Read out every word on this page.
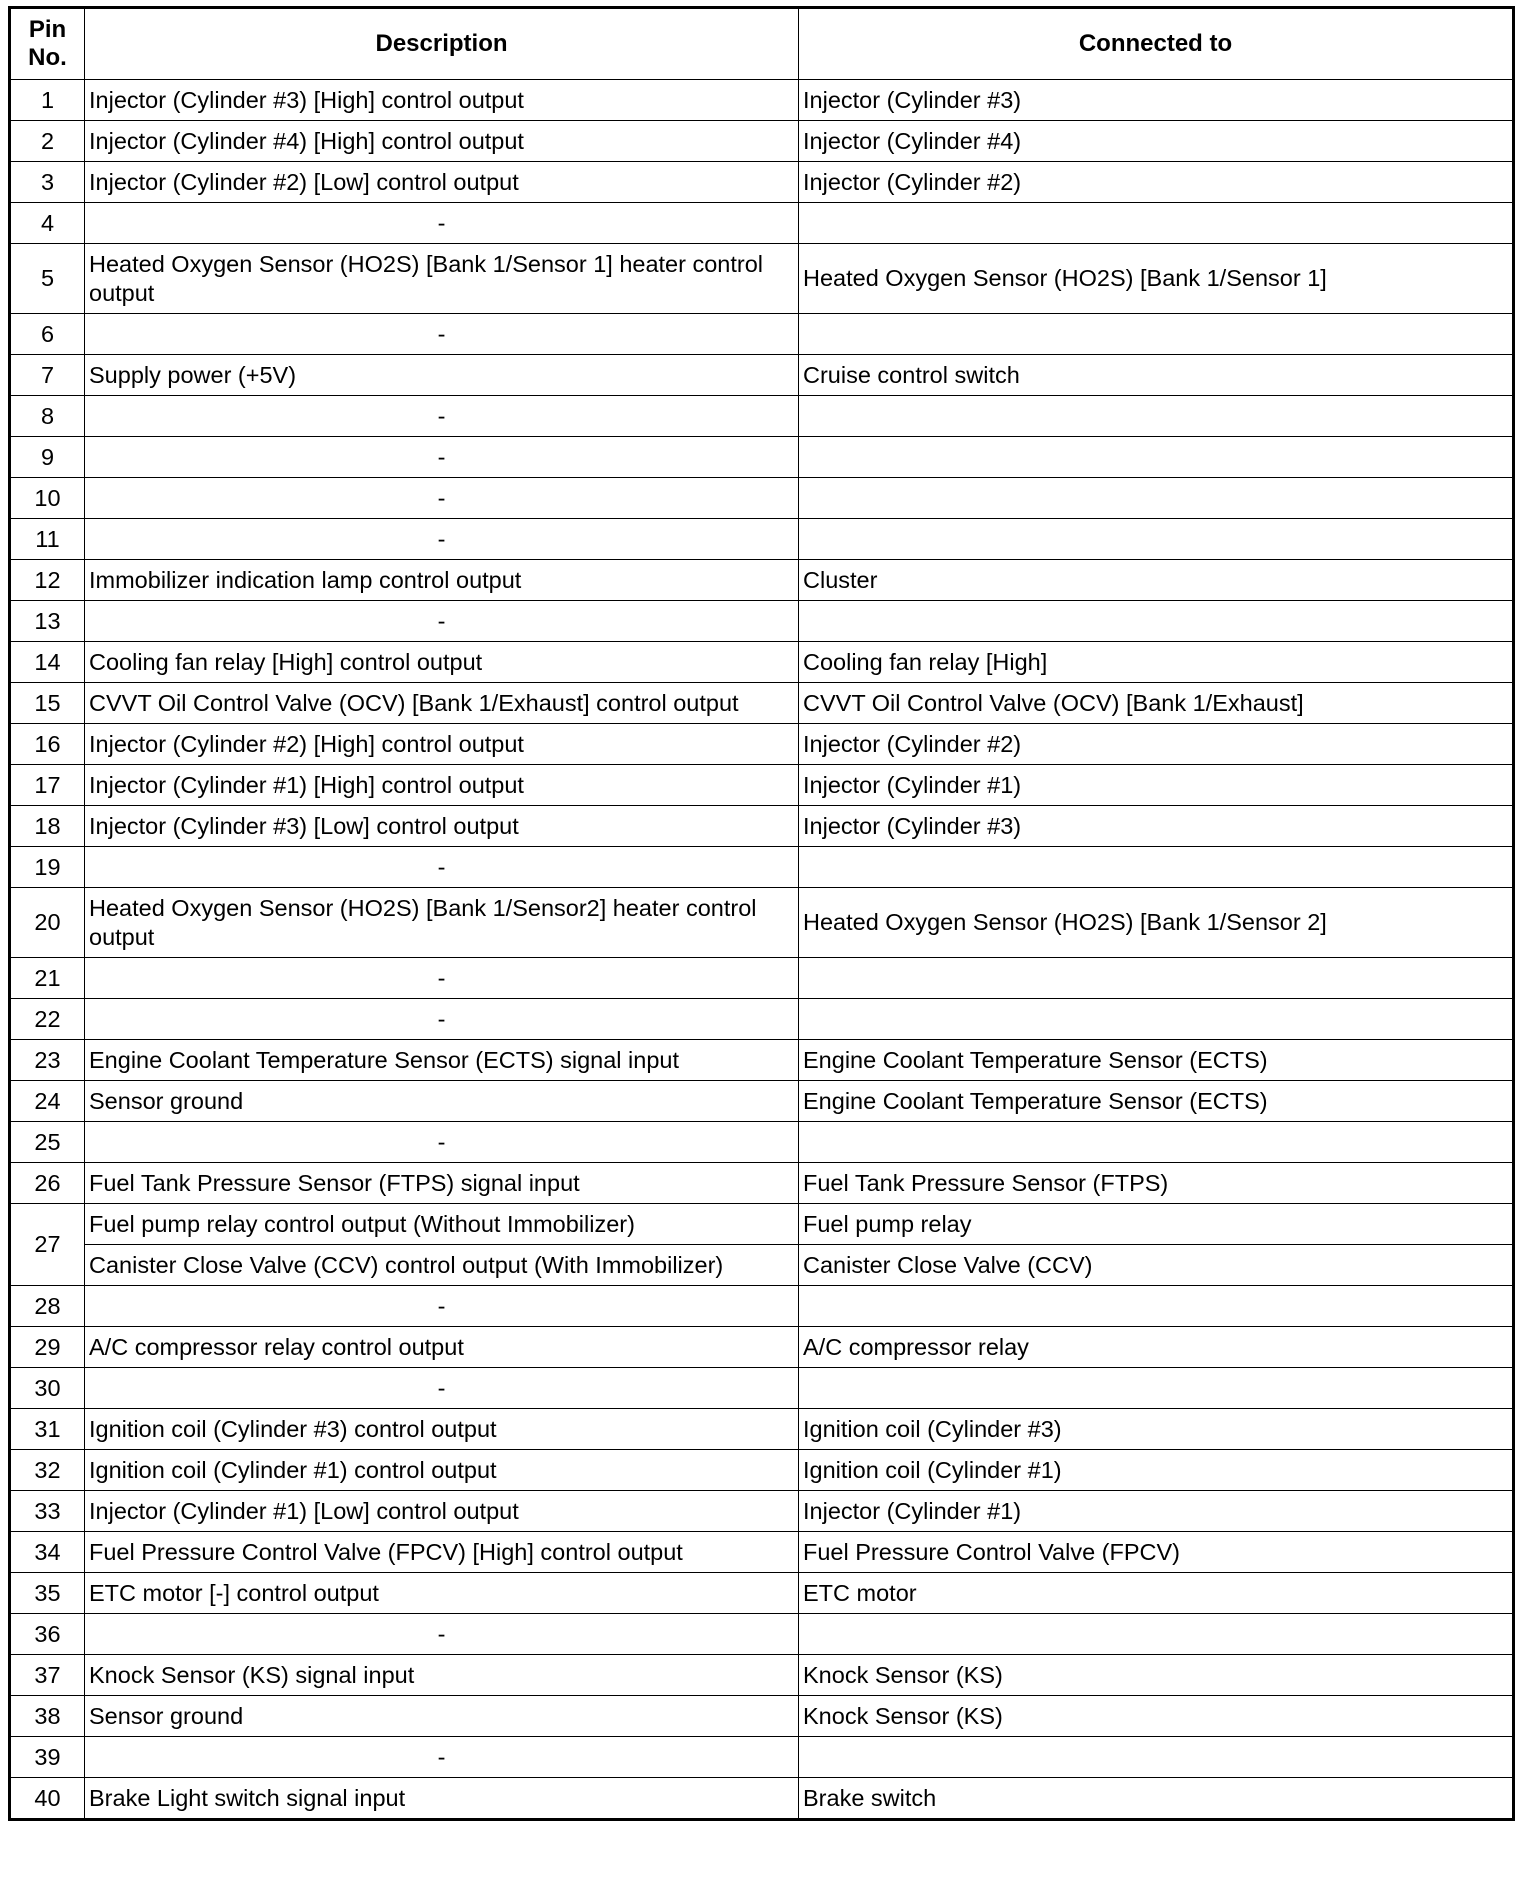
Pin
No.	Description	Connected to
1	Injector (Cylinder #3) [High] control output	Injector (Cylinder #3)
2	Injector (Cylinder #4) [High] control output	Injector (Cylinder #4)
3	Injector (Cylinder #2) [Low] control output	Injector (Cylinder #2)
4	-	
5	Heated Oxygen Sensor (HO2S) [Bank 1/Sensor 1] heater control output	Heated Oxygen Sensor (HO2S) [Bank 1/Sensor 1]
6	-	
7	Supply power (+5V)	Cruise control switch
8	-	
9	-	
10	-	
11	-	
12	Immobilizer indication lamp control output	Cluster
13	-	
14	Cooling fan relay [High] control output	Cooling fan relay [High]
15	CVVT Oil Control Valve (OCV) [Bank 1/Exhaust] control output	CVVT Oil Control Valve (OCV) [Bank 1/Exhaust]
16	Injector (Cylinder #2) [High] control output	Injector (Cylinder #2)
17	Injector (Cylinder #1) [High] control output	Injector (Cylinder #1)
18	Injector (Cylinder #3) [Low] control output	Injector (Cylinder #3)
19	-	
20	Heated Oxygen Sensor (HO2S) [Bank 1/Sensor2] heater control output	Heated Oxygen Sensor (HO2S) [Bank 1/Sensor 2]
21	-	
22	-	
23	Engine Coolant Temperature Sensor (ECTS) signal input	Engine Coolant Temperature Sensor (ECTS)
24	Sensor ground	Engine Coolant Temperature Sensor (ECTS)
25	-	
26	Fuel Tank Pressure Sensor (FTPS) signal input	Fuel Tank Pressure Sensor (FTPS)
27	Fuel pump relay control output (Without Immobilizer)	Fuel pump relay
	Canister Close Valve (CCV) control output (With Immobilizer)	Canister Close Valve (CCV)
28	-	
29	A/C compressor relay control output	A/C compressor relay
30	-	
31	Ignition coil (Cylinder #3) control output	Ignition coil (Cylinder #3)
32	Ignition coil (Cylinder #1) control output	Ignition coil (Cylinder #1)
33	Injector (Cylinder #1) [Low] control output	Injector (Cylinder #1)
34	Fuel Pressure Control Valve (FPCV) [High] control output	Fuel Pressure Control Valve (FPCV)
35	ETC motor [-] control output	ETC motor
36	-	
37	Knock Sensor (KS) signal input	Knock Sensor (KS)
38	Sensor ground	Knock Sensor (KS)
39	-	
40	Brake Light switch signal input	Brake switch
